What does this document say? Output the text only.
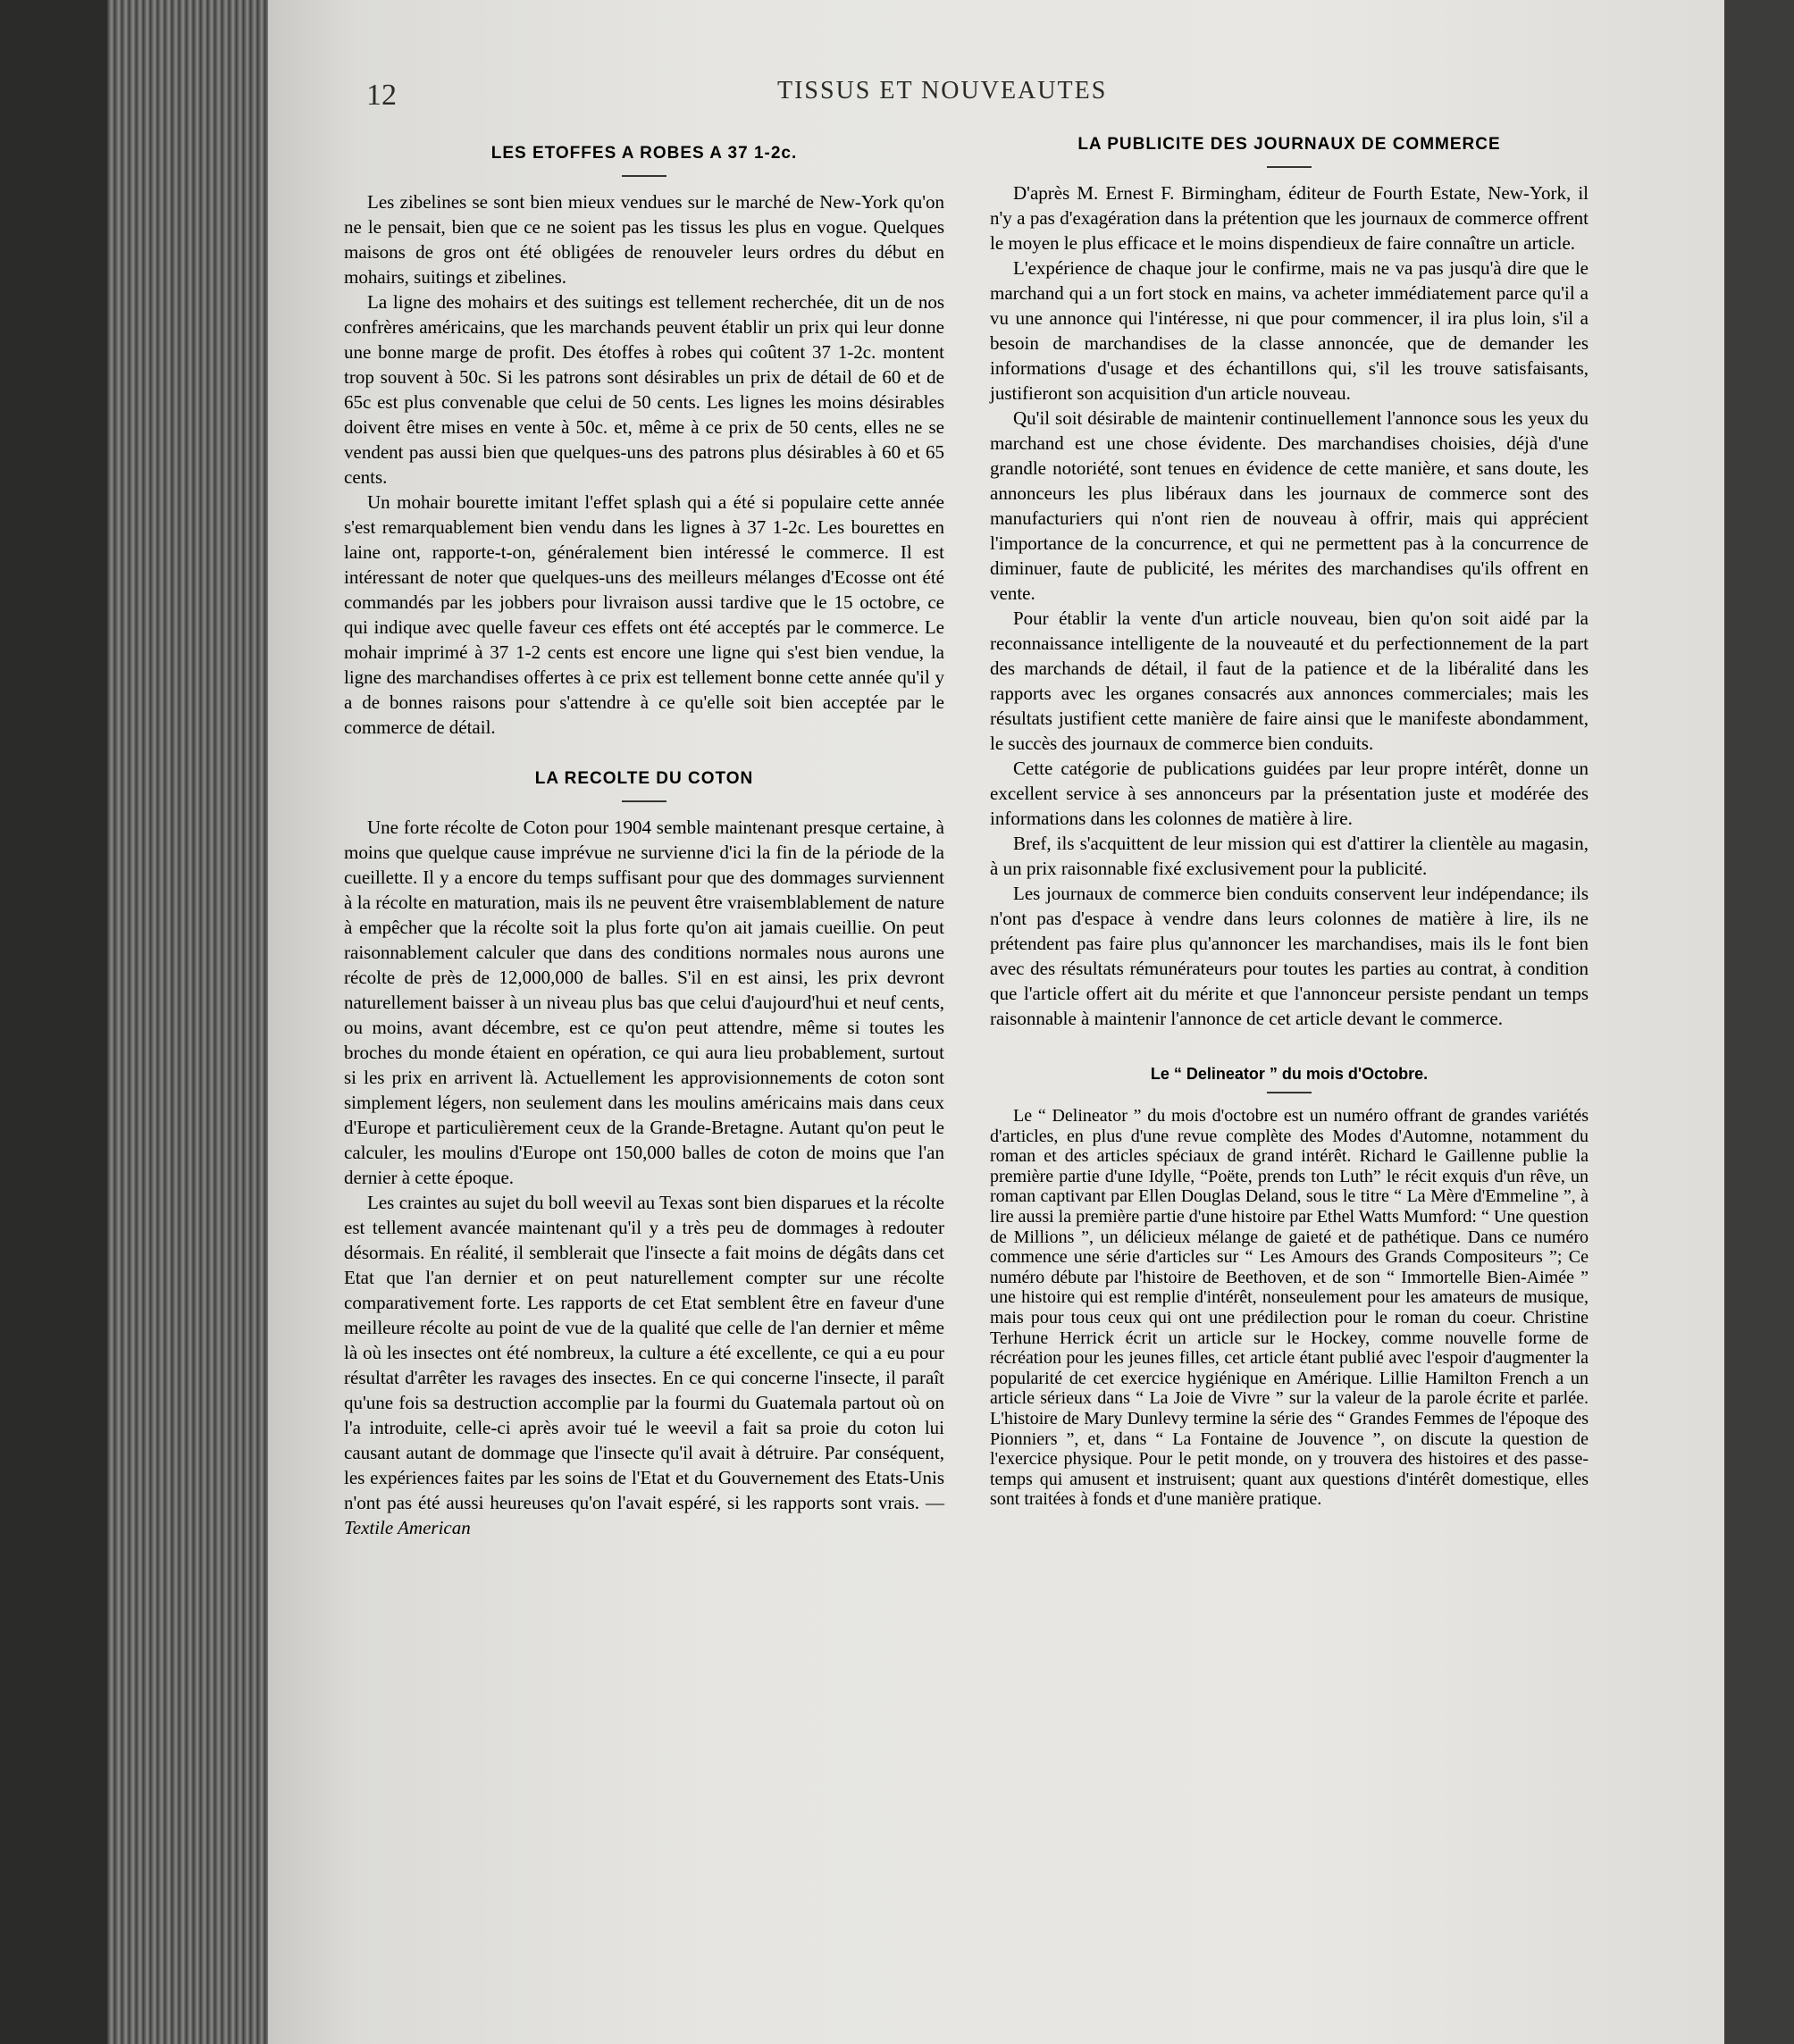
12	TISSUS ET NOUVEAUTES
LES ETOFFES A ROBES A 37 1-2c.

Les zibelines se sont bien mieux vendues sur le marché de New-York qu'on ne le pensait, bien que ce ne soient pas les tissus les plus en vogue. Quelques maisons de gros ont été obligées de renouveler leurs ordres du début en mohairs, suitings et zibelines.

La ligne des mohairs et des suitings est tellement recherchée, dit un de nos confrères américains, que les marchands peuvent établir un prix qui leur donne une bonne marge de profit. Des étoffes à robes qui coûtent 37 1-2c. montent trop souvent à 50c. Si les patrons sont désirables un prix de détail de 60 et de 65c est plus convenable que celui de 50 cents. Les lignes les moins désirables doivent être mises en vente à 50c. et, même à ce prix de 50 cents, elles ne se vendent pas aussi bien que quelques-uns des patrons plus désirables à 60 et 65 cents.

Un mohair bourette imitant l'effet splash qui a été si populaire cette année s'est remarquablement bien vendu dans les lignes à 37 1-2c. Les bourettes en laine ont, rapporte-t-on, généralement bien intéressé le commerce. Il est intéressant de noter que quelques-uns des meilleurs mélanges d'Ecosse ont été commandés par les jobbers pour livraison aussi tardive que le 15 octobre, ce qui indique avec quelle faveur ces effets ont été acceptés par le commerce. Le mohair imprimé à 37 1-2 cents est encore une ligne qui s'est bien vendue, la ligne des marchandises offertes à ce prix est tellement bonne cette année qu'il y a de bonnes raisons pour s'attendre à ce qu'elle soit bien acceptée par le commerce de détail.

LA RECOLTE DU COTON

Une forte récolte de Coton pour 1904 semble maintenant presque certaine, à moins que quelque cause imprévue ne survienne d'ici la fin de la période de la cueillette. Il y a encore du temps suffisant pour que des dommages surviennent à la récolte en maturation, mais ils ne peuvent être vraisemblablement de nature à empêcher que la récolte soit la plus forte qu'on ait jamais cueillie. On peut raisonnablement calculer que dans des conditions normales nous aurons une récolte de près de 12,000,000 de balles. S'il en est ainsi, les prix devront naturellement baisser à un niveau plus bas que celui d'aujourd'hui et neuf cents, ou moins, avant décembre, est ce qu'on peut attendre, même si toutes les broches du monde étaient en opération, ce qui aura lieu probablement, surtout si les prix en arrivent là. Actuellement les approvisionnements de coton sont simplement légers, non seulement dans les moulins américains mais dans ceux d'Europe et particulièrement ceux de la Grande-Bretagne. Autant qu'on peut le calculer, les moulins d'Europe ont 150,000 balles de coton de moins que l'an dernier à cette époque.

Les craintes au sujet du boll weevil au Texas sont bien disparues et la récolte est tellement avancée maintenant qu'il y a très peu de dommages à redouter désormais. En réalité, il semblerait que l'insecte a fait moins de dégâts dans cet Etat que l'an dernier et on peut naturellement compter sur une récolte comparativement forte. Les rapports de cet Etat semblent être en faveur d'une meilleure récolte au point de vue de la qualité que celle de l'an dernier et même là où les insectes ont été nombreux, la culture a été excellente, ce qui a eu pour résultat d'arrêter les ravages des insectes. En ce qui concerne l'insecte, il paraît qu'une fois sa destruction accomplie par la fourmi du Guatemala partout où on l'a introduite, celle-ci après avoir tué le weevil a fait sa proie du coton lui causant autant de dommage que l'insecte qu'il avait à détruire. Par conséquent, les expériences faites par les soins de l'Etat et du Gouvernement des Etats-Unis n'ont pas été aussi heureuses qu'on l'avait espéré, si les rapports sont vrais. — Textile American

LA PUBLICITE DES JOURNAUX DE COMMERCE

D'après M. Ernest F. Birmingham, éditeur de Fourth Estate, New-York, il n'y a pas d'exagération dans la prétention que les journaux de commerce offrent le moyen le plus efficace et le moins dispendieux de faire connaître un article.

L'expérience de chaque jour le confirme, mais ne va pas jusqu'à dire que le marchand qui a un fort stock en mains, va acheter immédiatement parce qu'il a vu une annonce qui l'intéresse, ni que pour commencer, il ira plus loin, s'il a besoin de marchandises de la classe annoncée, que de demander les informations d'usage et des échantillons qui, s'il les trouve satisfaisants, justifieront son acquisition d'un article nouveau.

Qu'il soit désirable de maintenir continuellement l'annonce sous les yeux du marchand est une chose évidente. Des marchandises choisies, déjà d'une grandle notoriété, sont tenues en évidence de cette manière, et sans doute, les annonceurs les plus libéraux dans les journaux de commerce sont des manufacturiers qui n'ont rien de nouveau à offrir, mais qui apprécient l'importance de la concurrence, et qui ne permettent pas à la concurrence de diminuer, faute de publicité, les mérites des marchandises qu'ils offrent en vente.

Pour établir la vente d'un article nouveau, bien qu'on soit aidé par la reconnaissance intelligente de la nouveauté et du perfectionnement de la part des marchands de détail, il faut de la patience et de la libéralité dans les rapports avec les organes consacrés aux annonces commerciales; mais les résultats justifient cette manière de faire ainsi que le manifeste abondamment, le succès des journaux de commerce bien conduits.

Cette catégorie de publications guidées par leur propre intérêt, donne un excellent service à ses annonceurs par la présentation juste et modérée des informations dans les colonnes de matière à lire.

Bref, ils s'acquittent de leur mission qui est d'attirer la clientèle au magasin, à un prix raisonnable fixé exclusivement pour la publicité.

Les journaux de commerce bien conduits conservent leur indépendance; ils n'ont pas d'espace à vendre dans leurs colonnes de matière à lire, ils ne prétendent pas faire plus qu'annoncer les marchandises, mais ils le font bien avec des résultats rémunérateurs pour toutes les parties au contrat, à condition que l'article offert ait du mérite et que l'annonceur persiste pendant un temps raisonnable à maintenir l'annonce de cet article devant le commerce.

Le “ Delineator ” du mois d'Octobre.

Le “ Delineator ” du mois d'octobre est un numéro offrant de grandes variétés d'articles, en plus d'une revue complète des Modes d'Automne, notamment du roman et des articles spéciaux de grand intérêt. Richard le Gaillenne publie la première partie d'une Idylle, “Poëte, prends ton Luth” le récit exquis d'un rêve, un roman captivant par Ellen Douglas Deland, sous le titre “ La Mère d'Emmeline ”, à lire aussi la première partie d'une histoire par Ethel Watts Mumford: “ Une question de Millions ”, un délicieux mélange de gaieté et de pathétique. Dans ce numéro commence une série d'articles sur “ Les Amours des Grands Compositeurs ”; Ce numéro débute par l'histoire de Beethoven, et de son “ Immortelle Bien-Aimée ” une histoire qui est remplie d'intérêt, nonseulement pour les amateurs de musique, mais pour tous ceux qui ont une prédilection pour le roman du coeur. Christine Terhune Herrick écrit un article sur le Hockey, comme nouvelle forme de récréation pour les jeunes filles, cet article étant publié avec l'espoir d'augmenter la popularité de cet exercice hygiénique en Amérique. Lillie Hamilton French a un article sérieux dans “ La Joie de Vivre ” sur la valeur de la parole écrite et parlée. L'histoire de Mary Dunlevy termine la série des “ Grandes Femmes de l'époque des Pionniers ”, et, dans “ La Fontaine de Jouvence ”, on discute la question de l'exercice physique. Pour le petit monde, on y trouvera des histoires et des passe-temps qui amusent et instruisent; quant aux questions d'intérêt domestique, elles sont traitées à fonds et d'une manière pratique.
